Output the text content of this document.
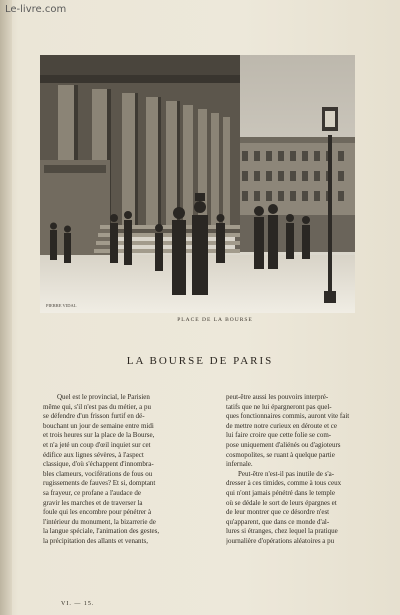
Le-livre.com
PIERRE VIDAL
PLACE DE LA BOURSE
LA BOURSE DE PARIS
Quel est le provincial, le Parisien
même qui, s'il n'est pas du métier, a pu
se défendre d'un frisson furtif en dé-
bouchant un jour de semaine entre midi
et trois heures sur la place de la Bourse,
et n'a jeté un coup d'œil inquiet sur cet
édifice aux lignes sévères, à l'aspect
classique, d'où s'échappent d'innombra-
bles clameurs, vociférations de fous ou
rugissements de fauves? Et si, domptant
sa frayeur, ce profane a l'audace de
gravir les marches et de traverser la
foule qui les encombre pour pénétrer à
l'intérieur du monument, la bizarrerie de
la langue spéciale, l'animation des gestes,
la précipitation des allants et venants,
peut-être aussi les pouvoirs interpré-
tatifs que ne lui épargneront pas quel-
ques fonctionnaires commis, auront vite fait
de mettre notre curieux en déroute et ce
lui faire croire que cette folie se com-
pose uniquement d'aliénés ou d'agioteurs
cosmopolites, se ruant à quelque partie
infernale.
Peut-être n'est-il pas inutile de s'a-
dresser à ces timides, comme à tous ceux
qui n'ont jamais pénétré dans le temple
où se dédale le sort de leurs épargnes et
de leur montrer que ce désordre n'est
qu'apparent, que dans ce monde d'al-
lures si étranges, chez lequel la pratique
journalière d'opérations aléatoires a pu
VI. — 15.
